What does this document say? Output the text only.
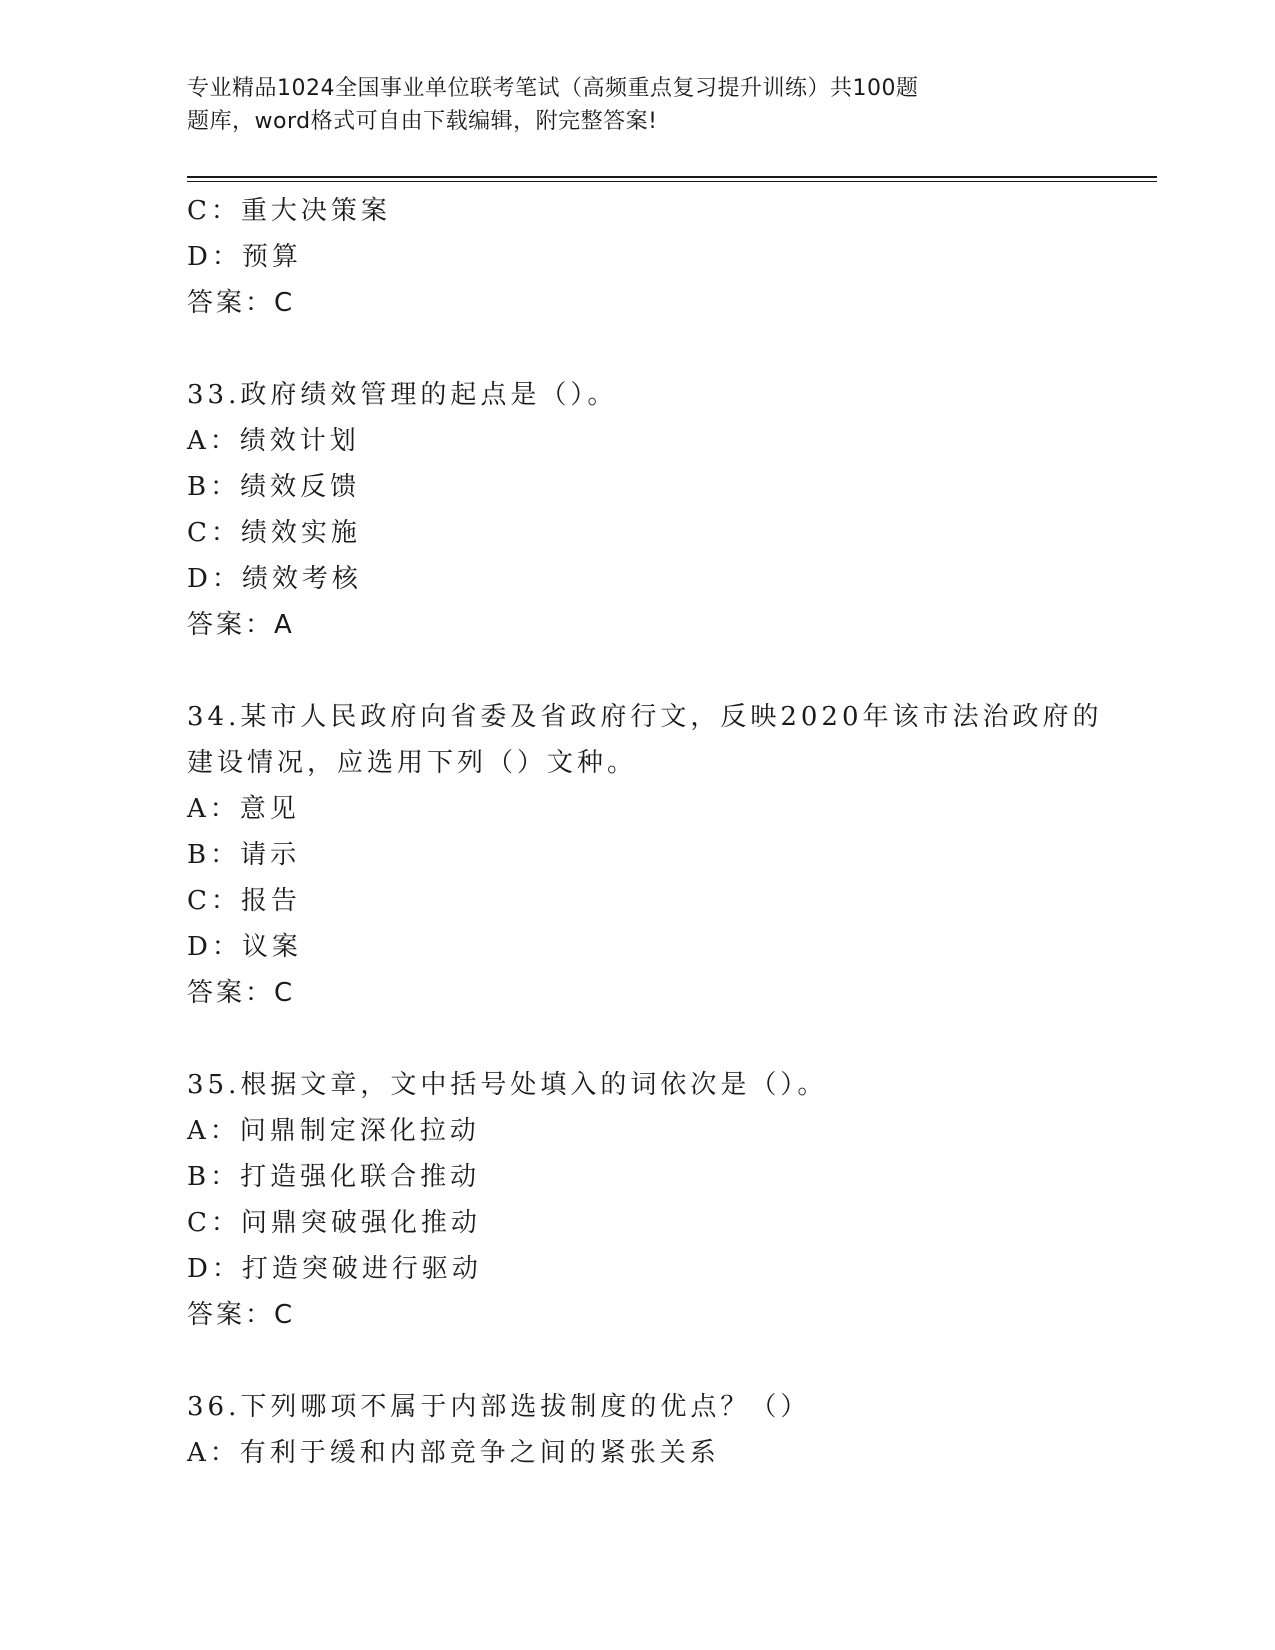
专业精品1024全国事业单位联考笔试（高频重点复习提升训练）共100题
题库，word格式可自由下载编辑，附完整答案!
C：重大决策案
D：预算
答案：C
33.政府绩效管理的起点是（）。
A：绩效计划
B：绩效反馈
C：绩效实施
D：绩效考核
答案：A
34.某市人民政府向省委及省政府行文，反映2020年该市法治政府的
建设情况，应选用下列（）文种。
A：意见
B：请示
C：报告
D：议案
答案：C
35.根据文章，文中括号处填入的词依次是（）。
A：问鼎制定深化拉动
B：打造强化联合推动
C：问鼎突破强化推动
D：打造突破进行驱动
答案：C
36.下列哪项不属于内部选拔制度的优点？（）
A：有利于缓和内部竞争之间的紧张关系
